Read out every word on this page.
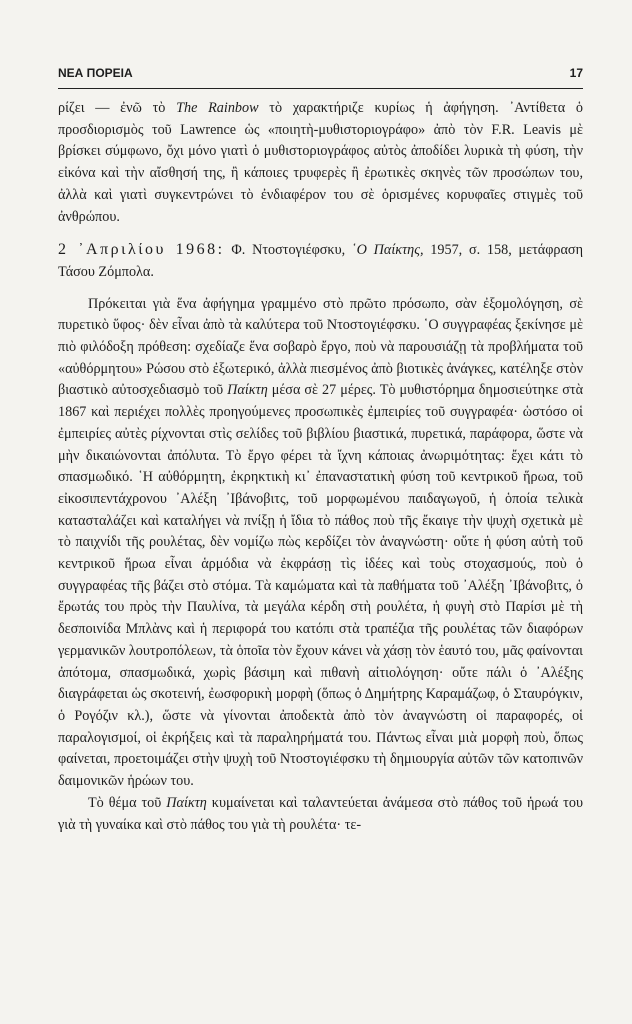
ΝΕΑ ΠΟΡΕΙΑ	17

ρίζει — ἐνῶ τὸ The Rainbow τὸ χαρακτήριζε κυρίως ἡ ἀφήγηση. ᾿Αντίθετα ὁ προσδιορισμὸς τοῦ Lawrence ὡς «ποιητὴ-μυθιστοριογράφο» ἀπὸ τὸν F.R. Leavis μὲ βρίσκει σύμφωνο, ὄχι μόνο γιατὶ ὁ μυθιστοριογράφος αὐτὸς ἀποδίδει λυρικὰ τὴ φύση, τὴν εἰκόνα καὶ τὴν αἴσθησή της, ἢ κάποιες τρυφερὲς ἢ ἐρωτικὲς σκηνὲς τῶν προσώπων του, ἀλλὰ καὶ γιατὶ συγκεντρώνει τὸ ἐνδιαφέρον του σὲ ὁρισμένες κορυφαῖες στιγμὲς τοῦ ἀνθρώπου.

2 ᾿Απριλίου 1968: Φ. Ντοστογιέφσκυ, ῾Ο Παίκτης, 1957, σ. 158, μετάφραση Τάσου Ζόμπολα.

Πρόκειται γιὰ ἕνα ἀφήγημα γραμμένο στὸ πρῶτο πρόσωπο, σὰν ἐξομολόγηση, σὲ πυρετικὸ ὕφος· δὲν εἶναι ἀπὸ τὰ καλύτερα τοῦ Ντοστογιέφσκυ. ῾Ο συγγραφέας ξεκίνησε μὲ πιὸ φιλόδοξη πρόθεση: σχεδίαζε ἕνα σοβαρὸ ἔργο, ποὺ νὰ παρουσιάζῃ τὰ προβλήματα τοῦ «αὐθόρμητου» Ρώσου στὸ ἐξωτερικό, ἀλλὰ πιεσμένος ἀπὸ βιοτικὲς ἀνάγκες, κατέληξε στὸν βιαστικὸ αὐτοσχεδιασμὸ τοῦ Παίκτη μέσα σὲ 27 μέρες. Τὸ μυθιστόρημα δημοσιεύτηκε στὰ 1867 καὶ περιέχει πολλὲς προηγούμενες προσωπικὲς ἐμπειρίες τοῦ συγγραφέα· ὡστόσο οἱ ἐμπειρίες αὐτὲς ρίχνονται στὶς σελίδες τοῦ βιβλίου βιαστικά, πυρετικά, παράφορα, ὥστε νὰ μὴν δικαιώνονται ἀπόλυτα. Τὸ ἔργο φέρει τὰ ἴχνη κάποιας ἀνωριμότητας: ἔχει κάτι τὸ σπασμωδικό. ῾Η αὐθόρμητη, ἐκρηκτικὴ κι᾿ ἐπαναστατικὴ φύση τοῦ κεντρικοῦ ἥρωα, τοῦ εἰκοσιπεντάχρονου ᾿Αλέξη ᾿Ιβάνοβιτς, τοῦ μορφωμένου παιδαγωγοῦ, ἡ ὁποία τελικὰ κατασταλάζει καὶ καταλήγει νὰ πνίξῃ ἡ ἴδια τὸ πάθος ποὺ τῆς ἔκαιγε τὴν ψυχὴ σχετικὰ μὲ τὸ παιχνίδι τῆς ρουλέτας, δὲν νομίζω πὼς κερδίζει τὸν ἀναγνώστη· οὔτε ἡ φύση αὐτὴ τοῦ κεντρικοῦ ἥρωα εἶναι ἁρμόδια νὰ ἐκφράσῃ τὶς ἰδέες καὶ τοὺς στοχασμούς, ποὺ ὁ συγγραφέας τῆς βάζει στὸ στόμα. Τὰ καμώματα καὶ τὰ παθήματα τοῦ ᾿Αλέξη ᾿Ιβάνοβιτς, ὁ ἔρωτάς του πρὸς τὴν Παυλίνα, τὰ μεγάλα κέρδη στὴ ρουλέτα, ἡ φυγὴ στὸ Παρίσι μὲ τὴ δεσποινίδα Μπλὰνς καὶ ἡ περιφορά του κατόπι στὰ τραπέζια τῆς ρουλέτας τῶν διαφόρων γερμανικῶν λουτροπόλεων, τὰ ὁποῖα τὸν ἔχουν κάνει νὰ χάσῃ τὸν ἑαυτό του, μᾶς φαίνονται ἀπότομα, σπασμωδικά, χωρὶς βάσιμη καὶ πιθανὴ αἰτιολόγηση· οὔτε πάλι ὁ ᾿Αλέξης διαγράφεται ὡς σκοτεινή, ἐωσφορικὴ μορφὴ (ὅπως ὁ Δημήτρης Καραμάζωφ, ὁ Σταυρόγκιν, ὁ Ρογόζιν κλ.), ὥστε νὰ γίνονται ἀποδεκτὰ ἀπὸ τὸν ἀναγνώστη οἱ παραφορές, οἱ παραλογισμοί, οἱ ἐκρήξεις καὶ τὰ παραληρήματά του. Πάντως εἶναι μιὰ μορφὴ ποὺ, ὅπως φαίνεται, προετοιμάζει στὴν ψυχὴ τοῦ Ντοστογιέφσκυ τὴ δημιουργία αὐτῶν τῶν κατοπινῶν δαιμονικῶν ἡρώων του.

Τὸ θέμα τοῦ Παίκτη κυμαίνεται καὶ ταλαντεύεται ἀνάμεσα στὸ πάθος τοῦ ἡρωά του γιὰ τὴ γυναίκα καὶ στὸ πάθος του γιὰ τὴ ρουλέτα· τε-
